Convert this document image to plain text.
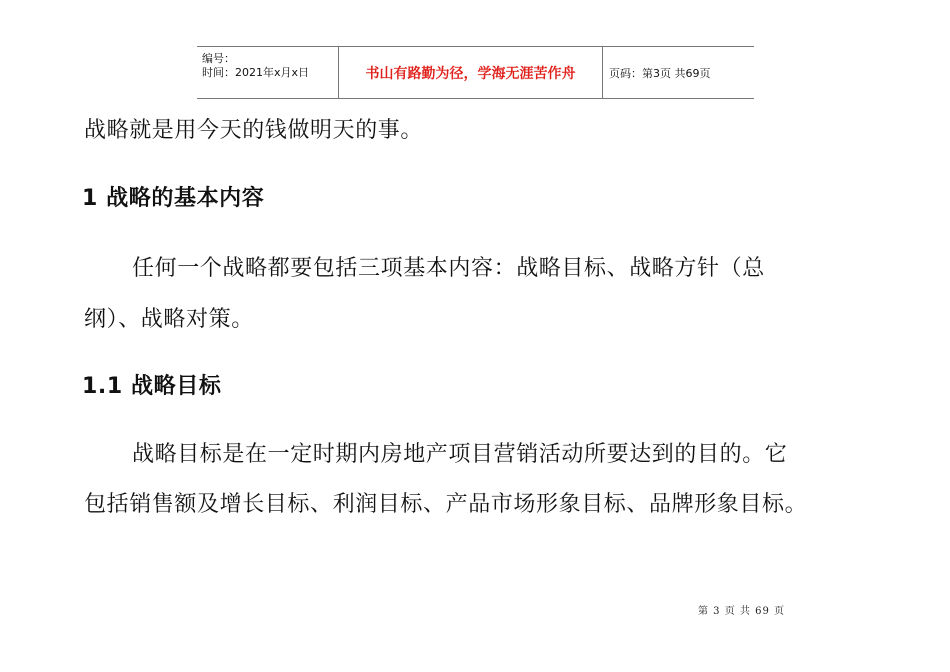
编号：
时间：2021年x月x日	书山有路勤为径，学海无涯苦作舟	页码：第3页 共69页
战略就是用今天的钱做明天的事。
1 战略的基本内容
任何一个战略都要包括三项基本内容：战略目标、战略方针（总
纲）、战略对策。
1.1 战略目标
战略目标是在一定时期内房地产项目营销活动所要达到的目的。它
包括销售额及增长目标、利润目标、产品市场形象目标、品牌形象目标。
第 3 页 共 69 页
